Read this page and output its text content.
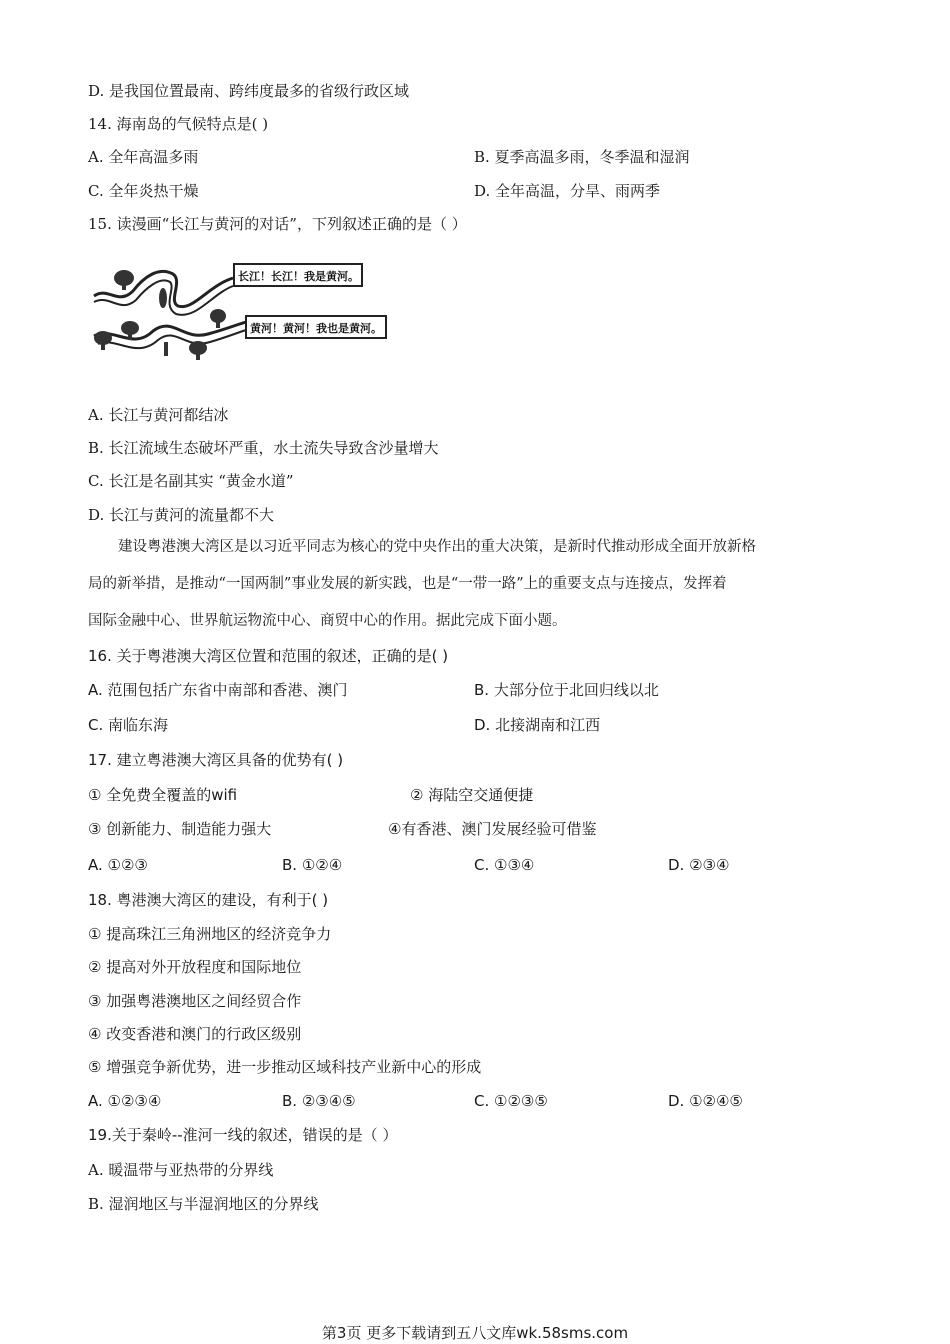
D. 是我国位置最南、跨纬度最多的省级行政区域
14. 海南岛的气候特点是( )
A. 全年高温多雨	B. 夏季高温多雨，冬季温和湿润
C. 全年炎热干燥	D. 全年高温，分旱、雨两季
15. 读漫画“长江与黄河的对话”，下列叙述正确的是（ ）
长江！长江！我是黄河。
黄河！黄河！我也是黄河。
A. 长江与黄河都结冰
B. 长江流域生态破坏严重，水土流失导致含沙量增大
C. 长江是名副其实 “黄金水道”
D. 长江与黄河的流量都不大
建设粤港澳大湾区是以习近平同志为核心的党中央作出的重大决策，是新时代推动形成全面开放新格
局的新举措，是推动“一国两制”事业发展的新实践，也是“一带一路”上的重要支点与连接点，发挥着
国际金融中心、世界航运物流中心、商贸中心的作用。据此完成下面小题。
16. 关于粤港澳大湾区位置和范围的叙述，正确的是( )
A. 范围包括广东省中南部和香港、澳门	B. 大部分位于北回归线以北
C. 南临东海	D. 北接湖南和江西
17. 建立粤港澳大湾区具备的优势有( )
① 全免费全覆盖的wifi	② 海陆空交通便捷
③ 创新能力、制造能力强大	④有香港、澳门发展经验可借鉴
A. ①②③	B. ①②④	C. ①③④	D. ②③④
18. 粤港澳大湾区的建设，有利于( )
① 提高珠江三角洲地区的经济竞争力
② 提高对外开放程度和国际地位
③ 加强粤港澳地区之间经贸合作
④ 改变香港和澳门的行政区级别
⑤ 增强竞争新优势，进一步推动区域科技产业新中心的形成
A. ①②③④	B. ②③④⑤	C. ①②③⑤	D. ①②④⑤
19.关于秦岭--淮河一线的叙述，错误的是（ ）
A. 暖温带与亚热带的分界线
B. 湿润地区与半湿润地区的分界线
第3页 更多下载请到五八文库wk.58sms.com
